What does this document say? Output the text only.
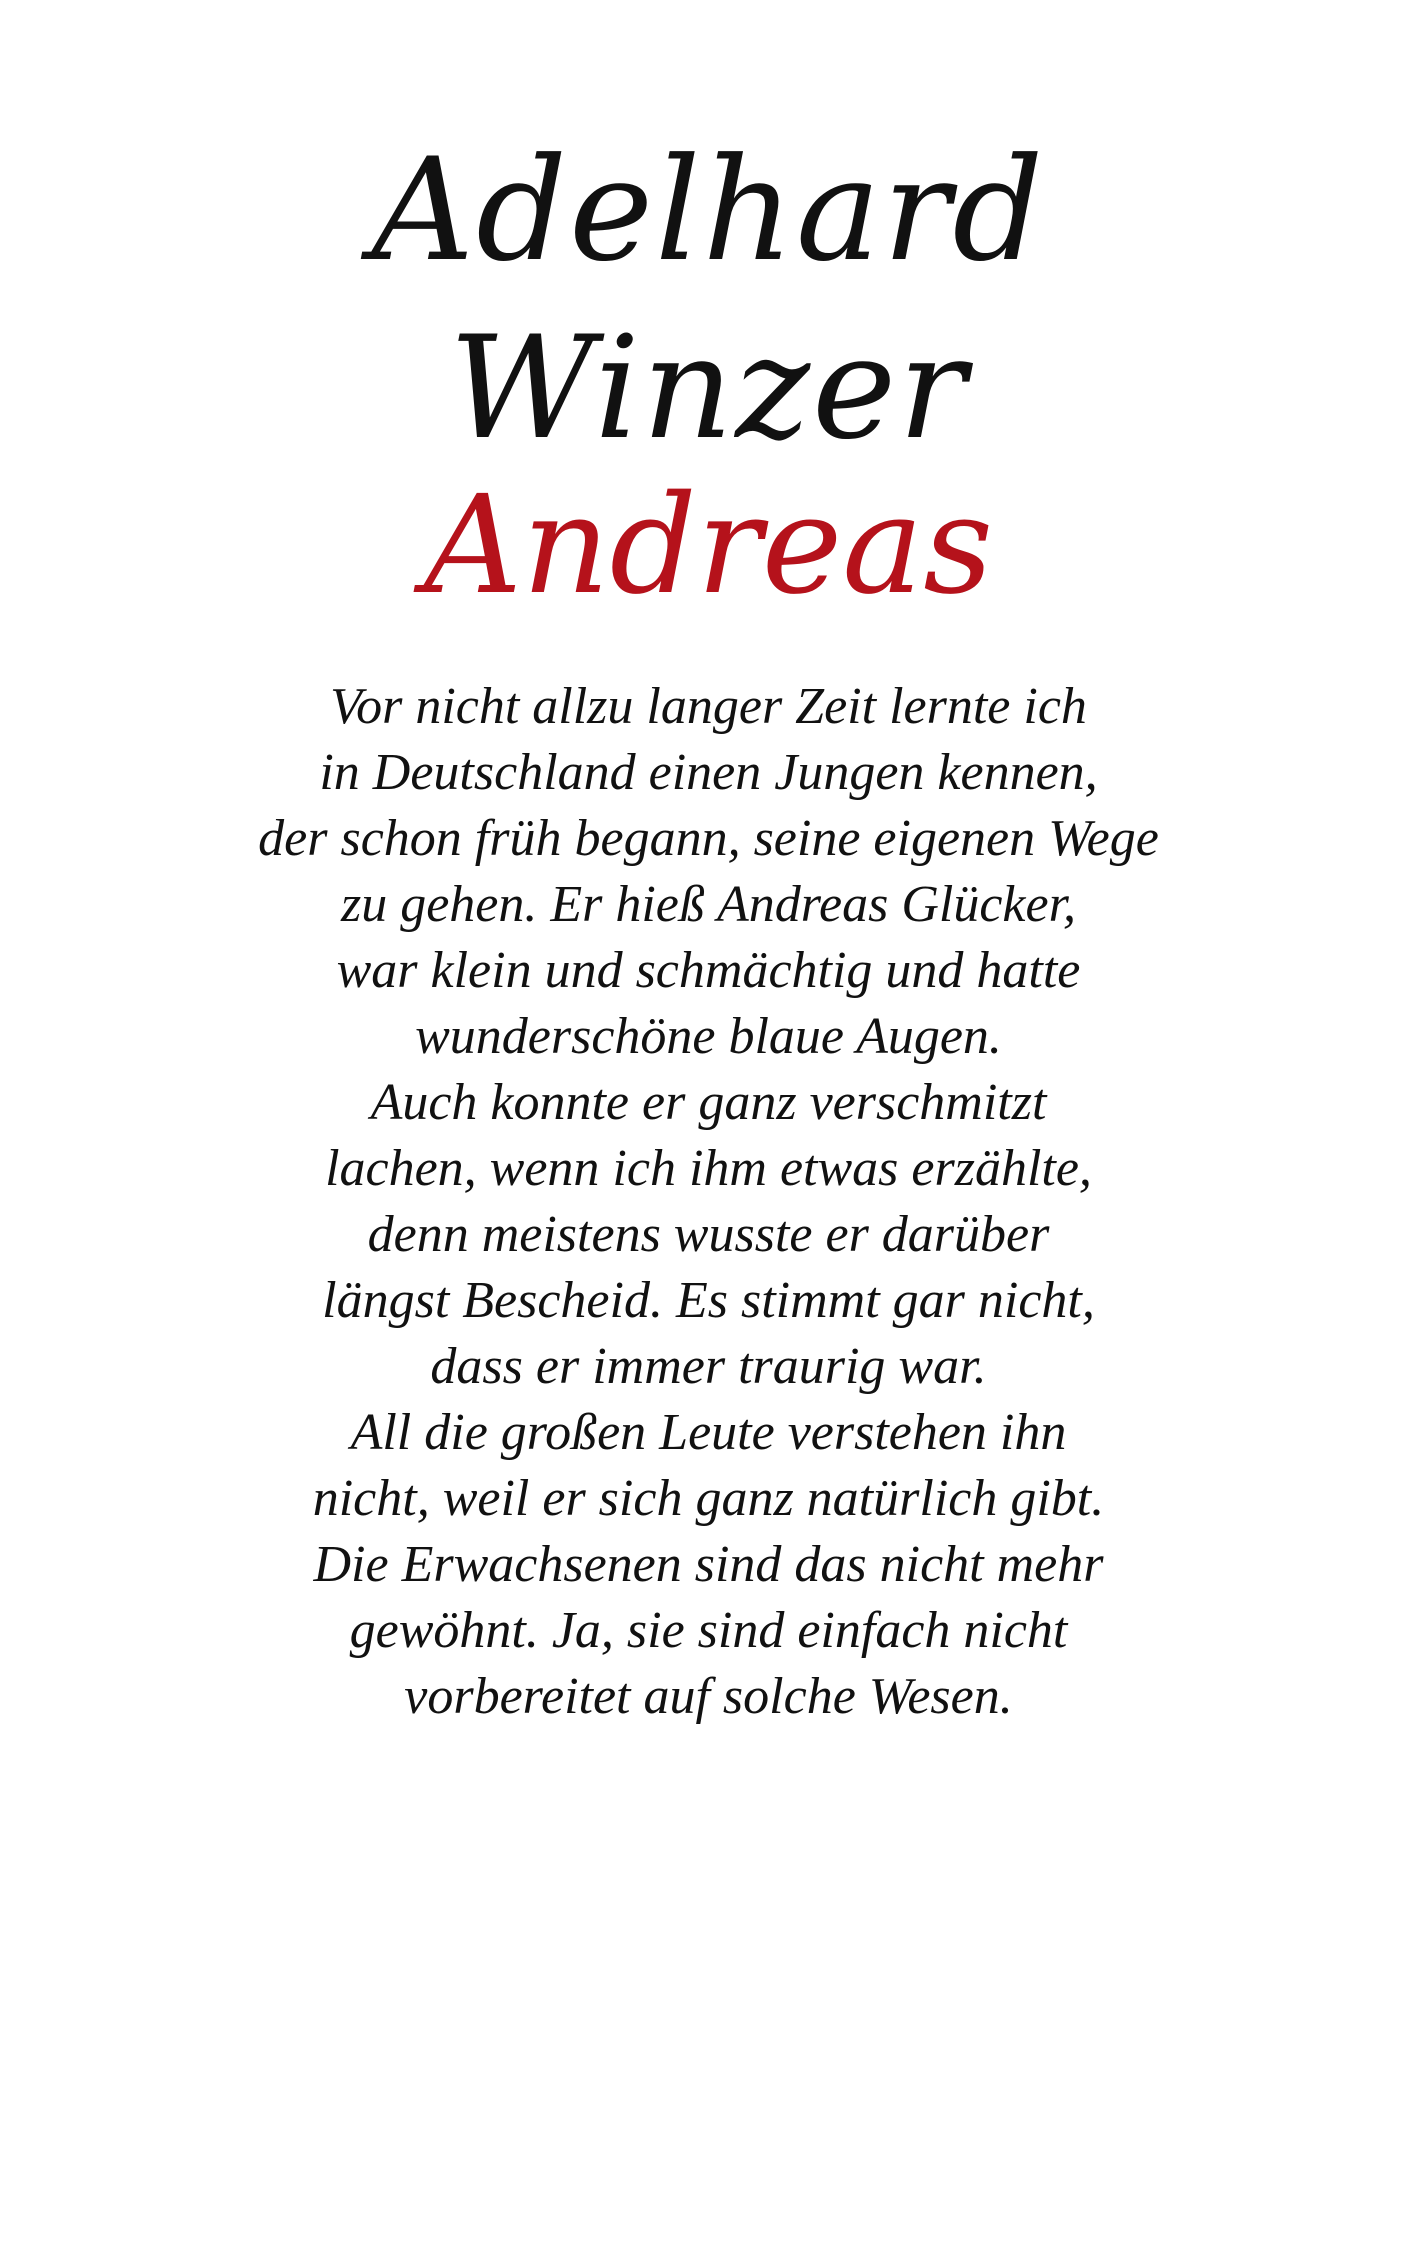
Adelhard
Winzer
Andreas
Vor nicht allzu langer Zeit lernte ich
in Deutschland einen Jungen kennen,
der schon früh begann, seine eigenen Wege
zu gehen. Er hieß Andreas Glücker,
war klein und schmächtig und hatte
wunderschöne blaue Augen.
Auch konnte er ganz verschmitzt
lachen, wenn ich ihm etwas erzählte,
denn meistens wusste er darüber
längst Bescheid. Es stimmt gar nicht,
dass er immer traurig war.
All die großen Leute verstehen ihn
nicht, weil er sich ganz natürlich gibt.
Die Erwachsenen sind das nicht mehr
gewöhnt. Ja, sie sind einfach nicht
vorbereitet auf solche Wesen.
